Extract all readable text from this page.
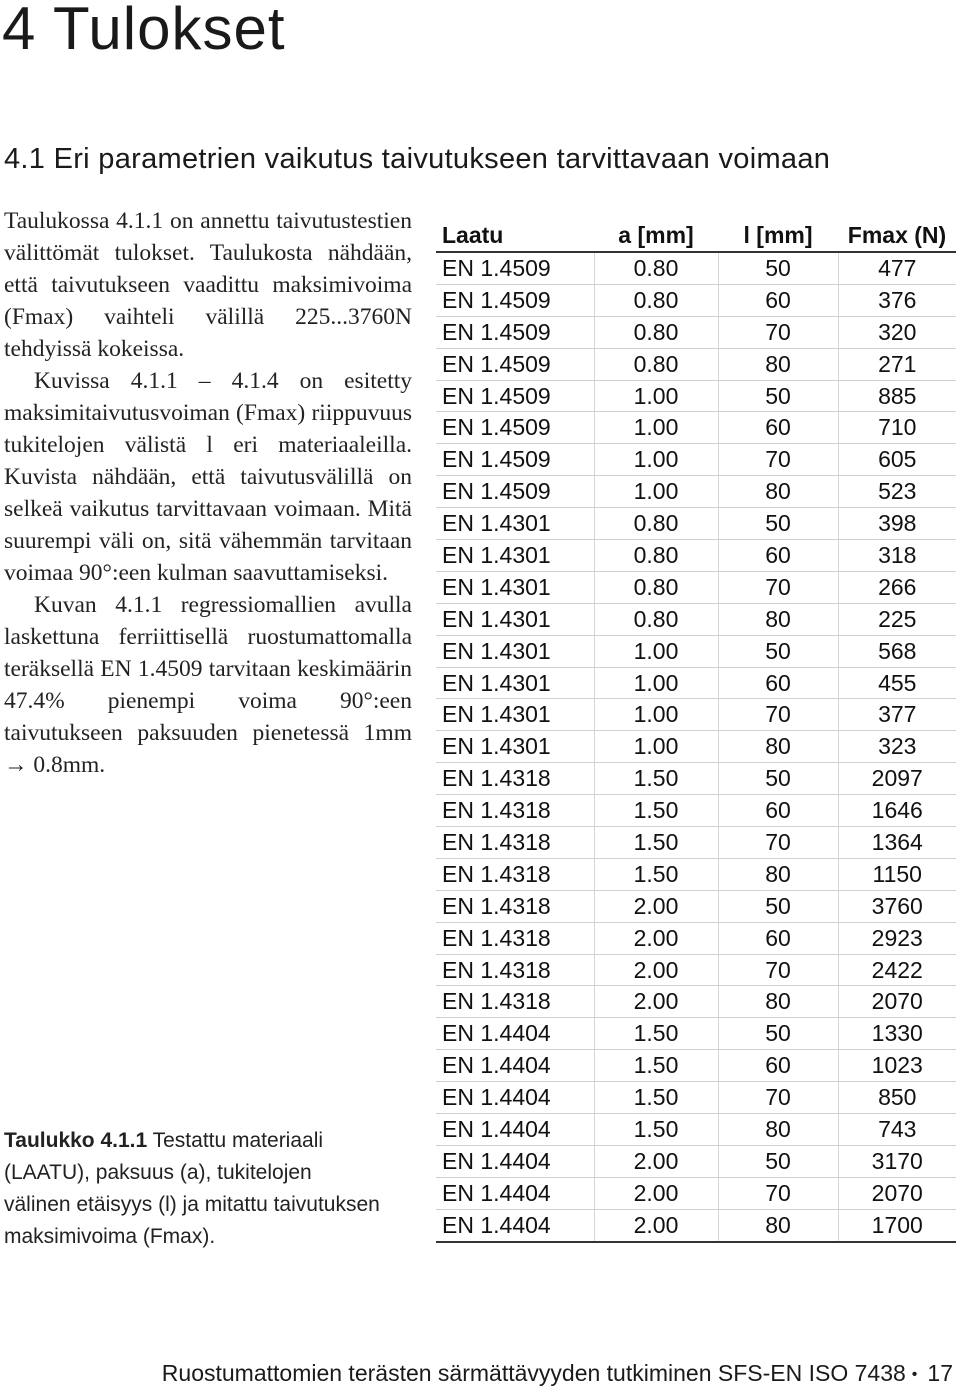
4 Tulokset
4.1 Eri parametrien vaikutus taivutukseen tarvittavaan voimaan

Taulukossa 4.1.1 on annettu taivutustestien välittömät tulokset. Taulukosta nähdään, että taivutukseen vaadittu maksimivoima (Fmax) vaihteli välillä 225...3760N tehdyissä kokeissa.

Kuvissa 4.1.1 – 4.1.4 on esitetty maksimitaivutusvoiman (Fmax) riippuvuus tukitelojen välistä l eri materiaaleilla. Kuvista nähdään, että taivutusvälillä on selkeä vaikutus tarvittavaan voimaan. Mitä suurempi väli on, sitä vähemmän tarvitaan voimaa 90°:een kulman saavuttamiseksi.

Kuvan 4.1.1 regressiomallien avulla laskettuna ferriittisellä ruostumattomalla teräksellä EN 1.4509 tarvitaan keskimäärin 47.4% pienempi voima 90°:een taivutukseen paksuuden pienetessä 1mm → 0.8mm.

Taulukko 4.1.1 Testattu materiaali (LAATU), paksuus (a), tukitelojen välinen etäisyys (l) ja mitattu taivutuksen maksimivoima (Fmax).
Laatu	a [mm]	l [mm]	Fmax (N)
EN 1.4509	0.80	50	477
EN 1.4509	0.80	60	376
EN 1.4509	0.80	70	320
EN 1.4509	0.80	80	271
EN 1.4509	1.00	50	885
EN 1.4509	1.00	60	710
EN 1.4509	1.00	70	605
EN 1.4509	1.00	80	523
EN 1.4301	0.80	50	398
EN 1.4301	0.80	60	318
EN 1.4301	0.80	70	266
EN 1.4301	0.80	80	225
EN 1.4301	1.00	50	568
EN 1.4301	1.00	60	455
EN 1.4301	1.00	70	377
EN 1.4301	1.00	80	323
EN 1.4318	1.50	50	2097
EN 1.4318	1.50	60	1646
EN 1.4318	1.50	70	1364
EN 1.4318	1.50	80	1150
EN 1.4318	2.00	50	3760
EN 1.4318	2.00	60	2923
EN 1.4318	2.00	70	2422
EN 1.4318	2.00	80	2070
EN 1.4404	1.50	50	1330
EN 1.4404	1.50	60	1023
EN 1.4404	1.50	70	850
EN 1.4404	1.50	80	743
EN 1.4404	2.00	50	3170
EN 1.4404	2.00	70	2070
EN 1.4404	2.00	80	1700
Ruostumattomien terästen särmättävyyden tutkiminen SFS-EN ISO 7438 • 17
